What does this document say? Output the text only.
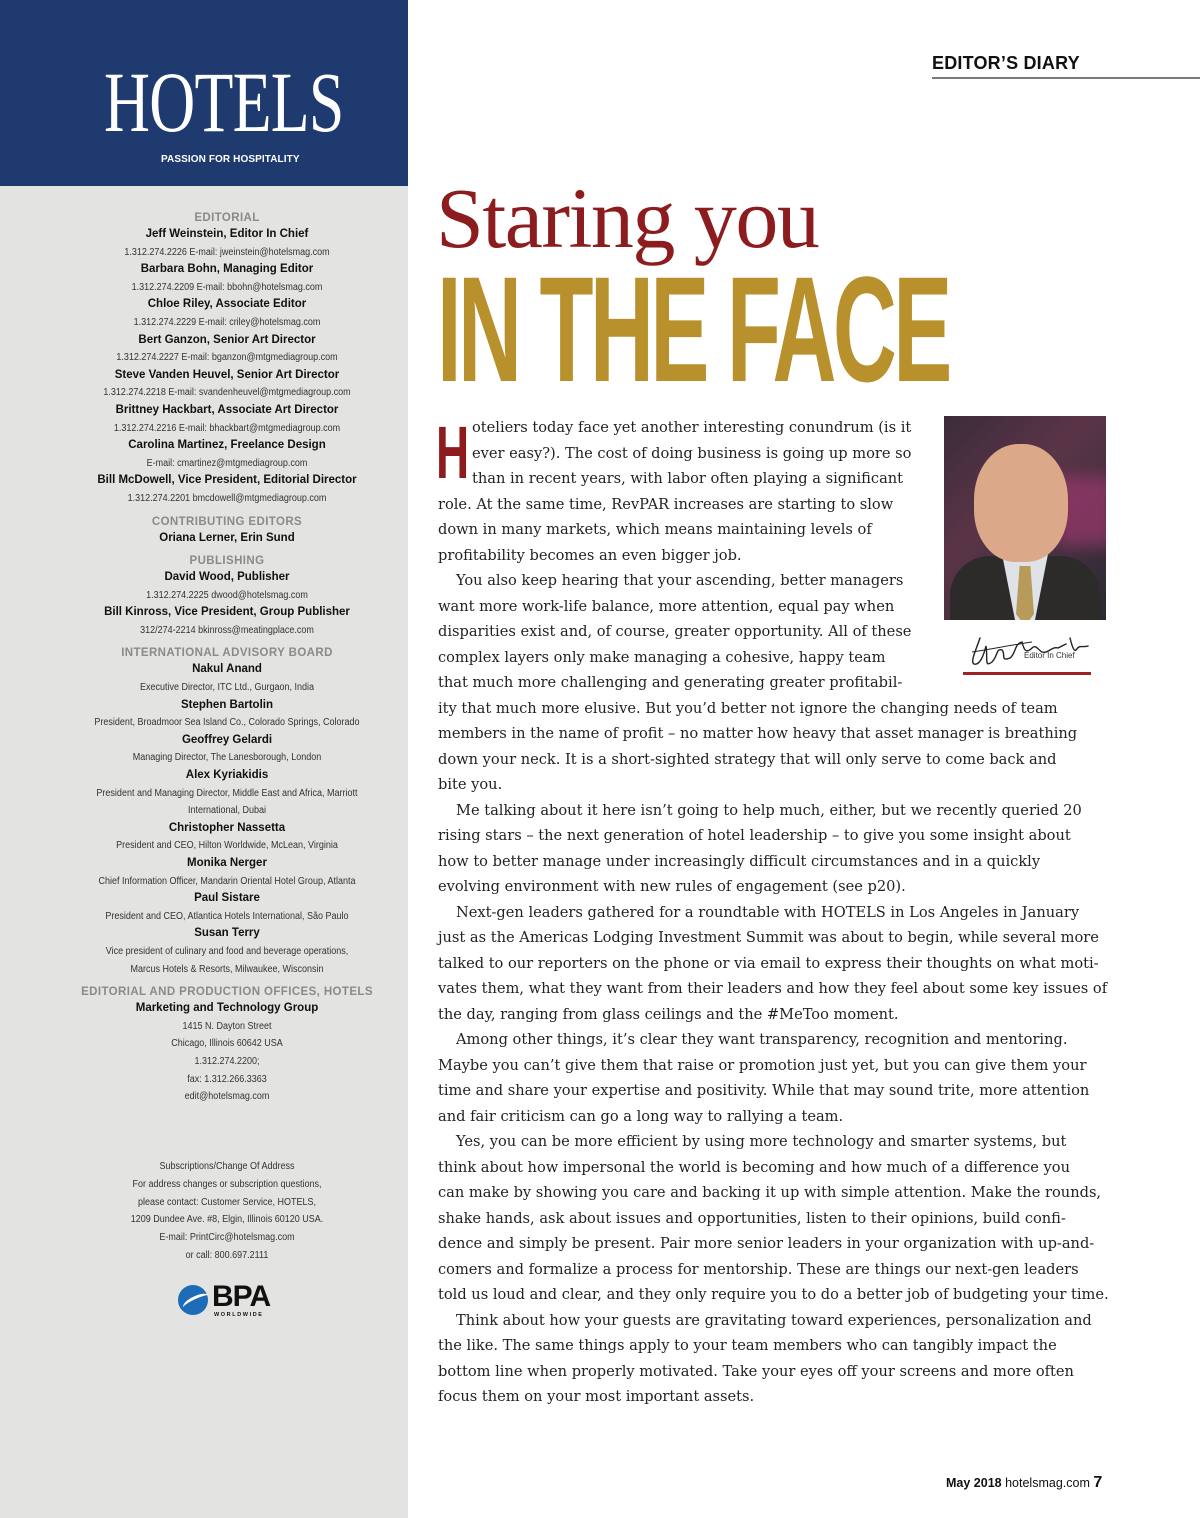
HOTELS
PASSION FOR HOSPITALITY
EDITORIAL
Jeff Weinstein, Editor In Chief
1.312.274.2226 E-mail: jweinstein@hotelsmag.com
Barbara Bohn, Managing Editor
1.312.274.2209 E-mail: bbohn@hotelsmag.com
Chloe Riley, Associate Editor
1.312.274.2229 E-mail: criley@hotelsmag.com
Bert Ganzon, Senior Art Director
1.312.274.2227 E-mail: bganzon@mtgmediagroup.com
Steve Vanden Heuvel, Senior Art Director
1.312.274.2218 E-mail: svandenheuvel@mtgmediagroup.com
Brittney Hackbart, Associate Art Director
1.312.274.2216 E-mail: bhackbart@mtgmediagroup.com
Carolina Martinez, Freelance Design
E-mail: cmartinez@mtgmediagroup.com
Bill McDowell, Vice President, Editorial Director
1.312.274.2201 bmcdowell@mtgmediagroup.com
CONTRIBUTING EDITORS
Oriana Lerner, Erin Sund
PUBLISHING
David Wood, Publisher
1.312.274.2225 dwood@hotelsmag.com
Bill Kinross, Vice President, Group Publisher
312/274-2214 bkinross@meatingplace.com
INTERNATIONAL ADVISORY BOARD
Nakul Anand
Executive Director, ITC Ltd., Gurgaon, India
Stephen Bartolin
President, Broadmoor Sea Island Co., Colorado Springs, Colorado
Geoffrey Gelardi
Managing Director, The Lanesborough, London
Alex Kyriakidis
President and Managing Director, Middle East and Africa, Marriott
International, Dubai
Christopher Nassetta
President and CEO, Hilton Worldwide, McLean, Virginia
Monika Nerger
Chief Information Officer, Mandarin Oriental Hotel Group, Atlanta
Paul Sistare
President and CEO, Atlantica Hotels International, São Paulo
Susan Terry
Vice president of culinary and food and beverage operations,
Marcus Hotels & Resorts, Milwaukee, Wisconsin
EDITORIAL AND PRODUCTION OFFICES, HOTELS
Marketing and Technology Group
1415 N. Dayton Street
Chicago, Illinois 60642 USA
1.312.274.2200;
fax: 1.312.266.3363
edit@hotelsmag.com
Subscriptions/Change Of Address
For address changes or subscription questions,
please contact: Customer Service, HOTELS,
1209 Dundee Ave. #8, Elgin, Illinois 60120 USA.
E-mail: PrintCirc@hotelsmag.com
or call: 800.697.2111
BPA
WORLDWIDE
EDITOR’S DIARY
Staring you
IN THE FACE
Editor In Chief
H oteliers today face yet another interesting conundrum (is it
ever easy?). The cost of doing business is going up more so
than in recent years, with labor often playing a significant
role. At the same time, RevPAR increases are starting to slow
down in many markets, which means maintaining levels of
profitability becomes an even bigger job.
You also keep hearing that your ascending, better managers
want more work-life balance, more attention, equal pay when
disparities exist and, of course, greater opportunity. All of these
complex layers only make managing a cohesive, happy team
that much more challenging and generating greater profitabil-
ity that much more elusive. But you’d better not ignore the changing needs of team
members in the name of profit – no matter how heavy that asset manager is breathing
down your neck. It is a short-sighted strategy that will only serve to come back and
bite you.
Me talking about it here isn’t going to help much, either, but we recently queried 20
rising stars – the next generation of hotel leadership – to give you some insight about
how to better manage under increasingly difficult circumstances and in a quickly
evolving environment with new rules of engagement (see p20).
Next-gen leaders gathered for a roundtable with HOTELS in Los Angeles in January
just as the Americas Lodging Investment Summit was about to begin, while several more
talked to our reporters on the phone or via email to express their thoughts on what moti-
vates them, what they want from their leaders and how they feel about some key issues of
the day, ranging from glass ceilings and the #MeToo moment.
Among other things, it’s clear they want transparency, recognition and mentoring.
Maybe you can’t give them that raise or promotion just yet, but you can give them your
time and share your expertise and positivity. While that may sound trite, more attention
and fair criticism can go a long way to rallying a team.
Yes, you can be more efficient by using more technology and smarter systems, but
think about how impersonal the world is becoming and how much of a difference you
can make by showing you care and backing it up with simple attention. Make the rounds,
shake hands, ask about issues and opportunities, listen to their opinions, build confi-
dence and simply be present. Pair more senior leaders in your organization with up-and-
comers and formalize a process for mentorship. These are things our next-gen leaders
told us loud and clear, and they only require you to do a better job of budgeting your time.
Think about how your guests are gravitating toward experiences, personalization and
the like. The same things apply to your team members who can tangibly impact the
bottom line when properly motivated. Take your eyes off your screens and more often
focus them on your most important assets.
May 2018 hotelsmag.com 7
